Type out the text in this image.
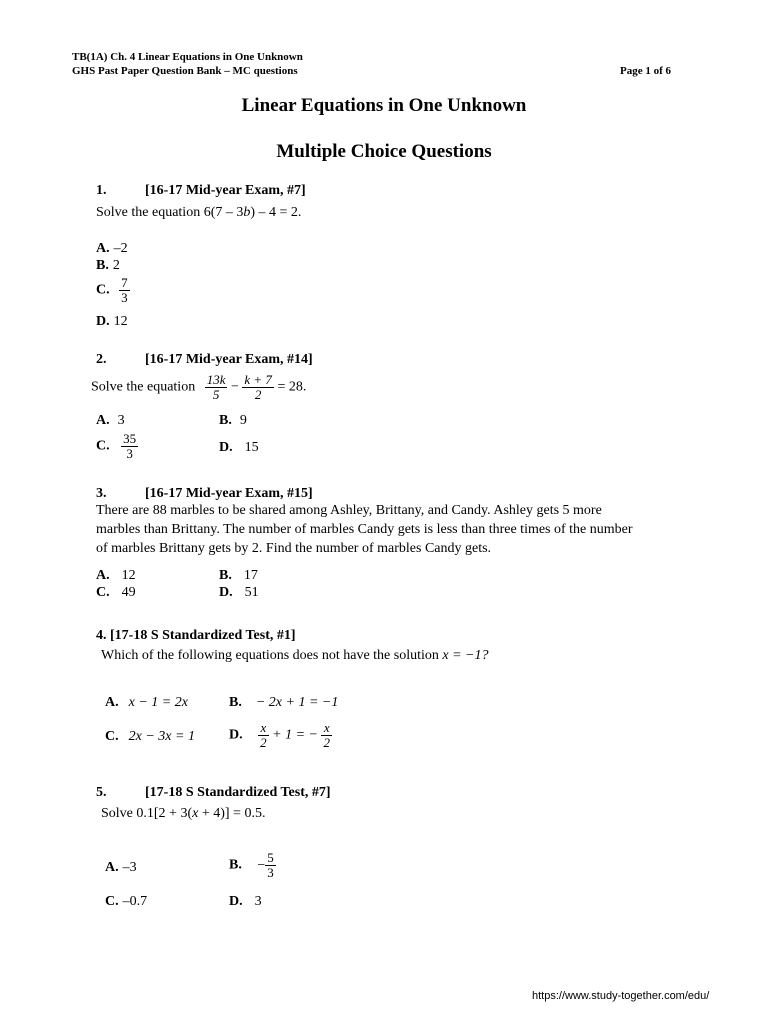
TB(1A) Ch. 4 Linear Equations in One Unknown
GHS Past Paper Question Bank – MC questions	Page 1 of 6
Linear Equations in One Unknown
Multiple Choice Questions
1.	[16-17 Mid-year Exam, #7]
Solve the equation 6(7 – 3b) – 4 = 2.
A. –2
B. 2
C. $\frac{7}{3}$
D. 12
2.	[16-17 Mid-year Exam, #14]
Solve the equation $\frac{13k}{5} - \frac{k + 7}{2} = 28$.
A. 3	B. 9
C. $\frac{35}{3}$	D. 15
3.	[16-17 Mid-year Exam, #15]
There are 88 marbles to be shared among Ashley, Brittany, and Candy. Ashley gets 5 more
marbles than Brittany. The number of marbles Candy gets is less than three times of the number
of marbles Brittany gets by 2. Find the number of marbles Candy gets.
A. 12	B. 17
C. 49	D. 51
4. [17-18 S Standardized Test, #1]
Which of the following equations does not have the solution x = −1?
A. x − 1 = 2x	B. − 2x + 1 = −1
C. 2x − 3x = 1 D. $\frac{x}{2} + 1$ = − $\frac{x}{2}$
5.	[17-18 S Standardized Test, #7]
Solve 0.1[2 + 3(x + 4)] = 0.5.
A. –3	B. − $\frac{5}{3}$
C. –0.7	D. 3
https://www.study-together.com/edu/
